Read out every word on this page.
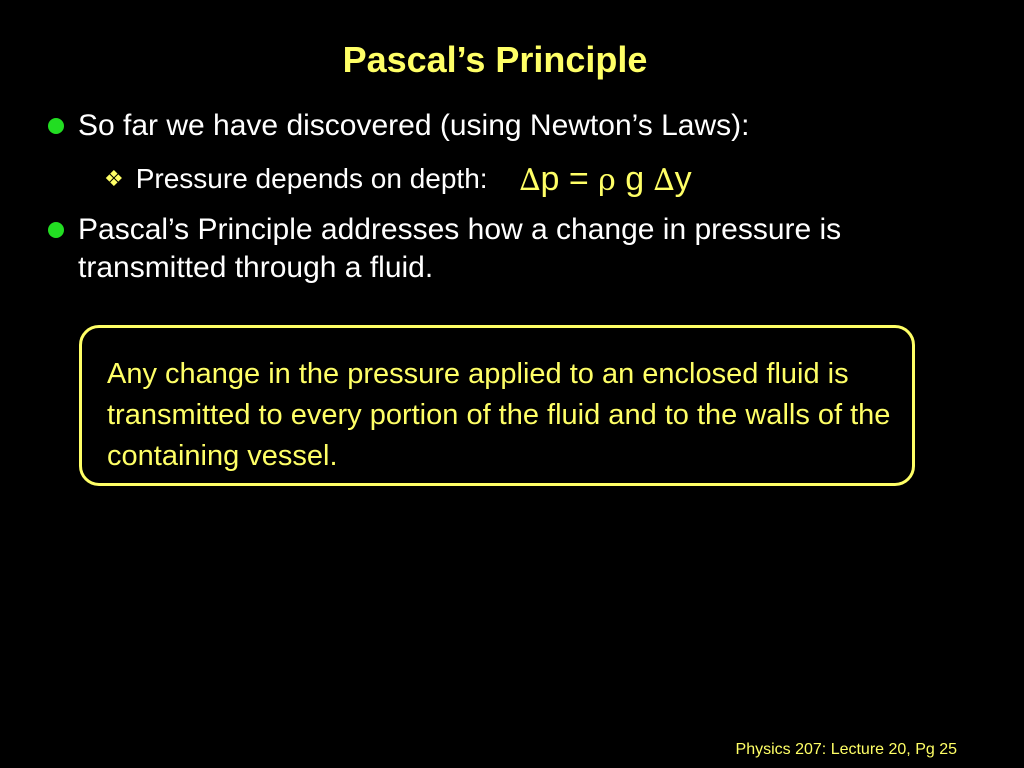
Pascal’s Principle
So far we have discovered (using Newton’s Laws):
❖ Pressure depends on depth: ∆p = ρ g ∆y
Pascal’s Principle addresses how a change in pressure is transmitted through a fluid.
Any change in the pressure applied to an enclosed fluid is transmitted to every portion of the fluid and to the walls of the containing vessel.
Physics 207: Lecture 20, Pg 25
